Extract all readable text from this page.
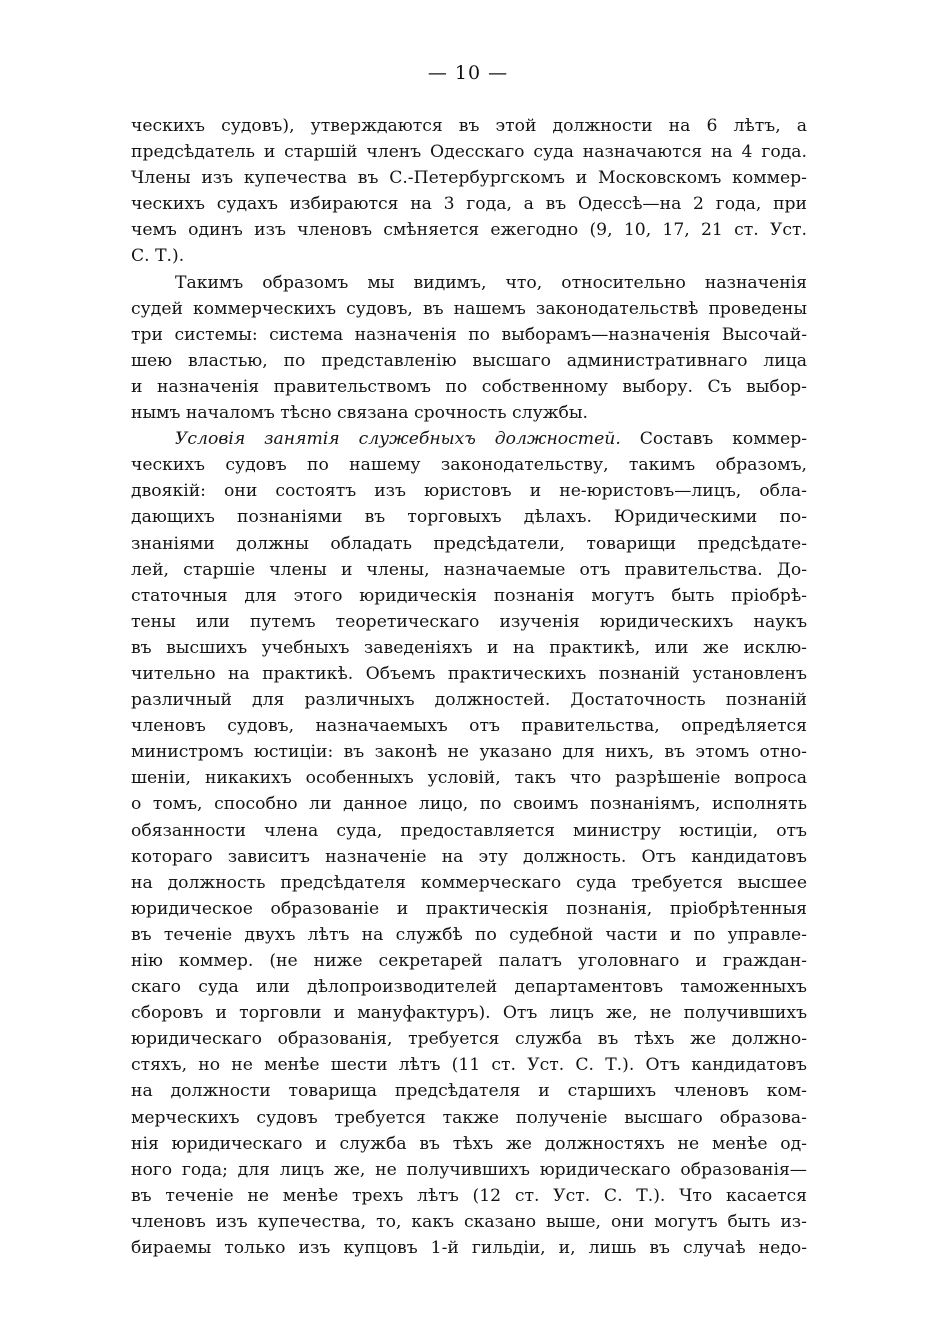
— 10 —
ческихъ судовъ), утверждаются въ этой должности на 6 лѣтъ, а
предсѣдатель и старшій членъ Одесскаго суда назначаются на 4 года.
Члены изъ купечества въ С.-Петербургскомъ и Московскомъ коммер-
ческихъ судахъ избираются на 3 года, а въ Одессѣ—на 2 года, при
чемъ одинъ изъ членовъ смѣняется ежегодно (9, 10, 17, 21 ст. Уст.
С. Т.).
Такимъ образомъ мы видимъ, что, относительно назначенія
судей коммерческихъ судовъ, въ нашемъ законодательствѣ проведены
три системы: система назначенія по выборамъ—назначенія Высочай-
шею властью, по представленію высшаго административнаго лица
и назначенія правительствомъ по собственному выбору. Съ выбор-
нымъ началомъ тѣсно связана срочность службы.
Условія занятія служебныхъ должностей. Составъ коммер-
ческихъ судовъ по нашему законодательству, такимъ образомъ,
двоякій: они состоятъ изъ юристовъ и не-юристовъ—лицъ, обла-
дающихъ познаніями въ торговыхъ дѣлахъ. Юридическими по-
знаніями должны обладать предсѣдатели, товарищи предсѣдате-
лей, старшіе члены и члены, назначаемые отъ правительства. До-
статочныя для этого юридическія познанія могутъ быть пріобрѣ-
тены или путемъ теоретическаго изученія юридическихъ наукъ
въ высшихъ учебныхъ заведеніяхъ и на практикѣ, или же исклю-
чительно на практикѣ. Объемъ практическихъ познаній установленъ
различный для различныхъ должностей. Достаточность познаній
членовъ судовъ, назначаемыхъ отъ правительства, опредѣляется
министромъ юстиціи: въ законѣ не указано для нихъ, въ этомъ отно-
шеніи, никакихъ особенныхъ условій, такъ что разрѣшеніе вопроса
о томъ, способно ли данное лицо, по своимъ познаніямъ, исполнять
обязанности члена суда, предоставляется министру юстиціи, отъ
котораго зависитъ назначеніе на эту должность. Отъ кандидатовъ
на должность предсѣдателя коммерческаго суда требуется высшее
юридическое образованіе и практическія познанія, пріобрѣтенныя
въ теченіе двухъ лѣтъ на службѣ по судебной части и по управле-
нію коммер. (не ниже секретарей палатъ уголовнаго и граждан-
скаго суда или дѣлопроизводителей департаментовъ таможенныхъ
сборовъ и торговли и мануфактуръ). Отъ лицъ же, не получившихъ
юридическаго образованія, требуется служба въ тѣхъ же должно-
стяхъ, но не менѣе шести лѣтъ (11 ст. Уст. С. Т.). Отъ кандидатовъ
на должности товарища предсѣдателя и старшихъ членовъ ком-
мерческихъ судовъ требуется также полученіе высшаго образова-
нія юридическаго и служба въ тѣхъ же должностяхъ не менѣе од-
ного года; для лицъ же, не получившихъ юридическаго образованія—
въ теченіе не менѣе трехъ лѣтъ (12 ст. Уст. С. Т.). Что касается
членовъ изъ купечества, то, какъ сказано выше, они могутъ быть из-
бираемы только изъ купцовъ 1-й гильдіи, и, лишь въ случаѣ недо-
